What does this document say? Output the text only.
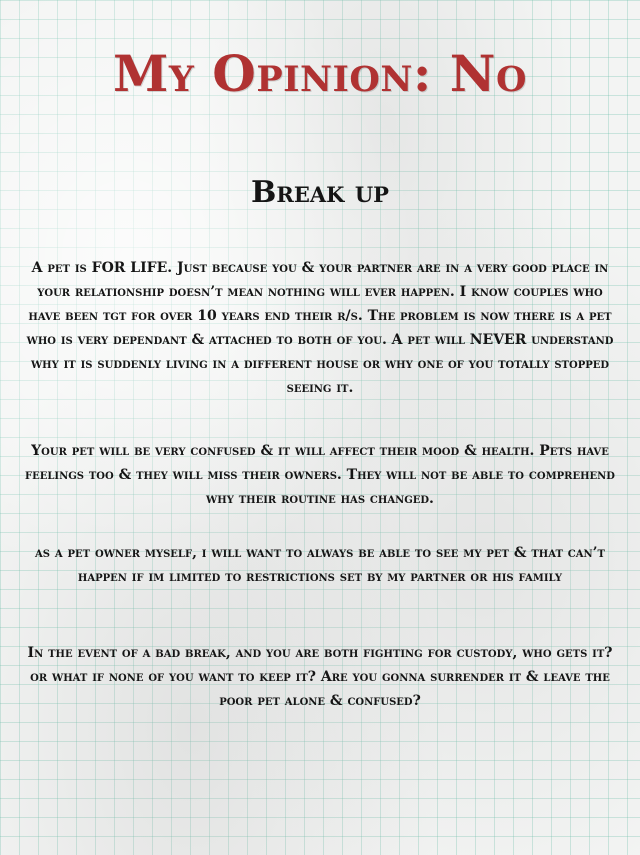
My Opinion: No
Break up

A pet is FOR LIFE. Just because you & your partner are in a very good place in your relationship doesn’t mean nothing will ever happen. I know couples who have been tgt for over 10 years end their r/s. The problem is now there is a pet who is very dependant & attached to both of you. A pet will NEVER understand why it is suddenly living in a different house or why one of you totally stopped seeing it.

Your pet will be very confused & it will affect their mood & health. Pets have feelings too & they will miss their owners. They will not be able to comprehend why their routine has changed.

as a pet owner myself, i will want to always be able to see my pet & that can’t happen if im limited to restrictions set by my partner or his family

In the event of a bad break, and you are both fighting for custody, who gets it? or what if none of you want to keep it? Are you gonna surrender it & leave the poor pet alone & confused?
